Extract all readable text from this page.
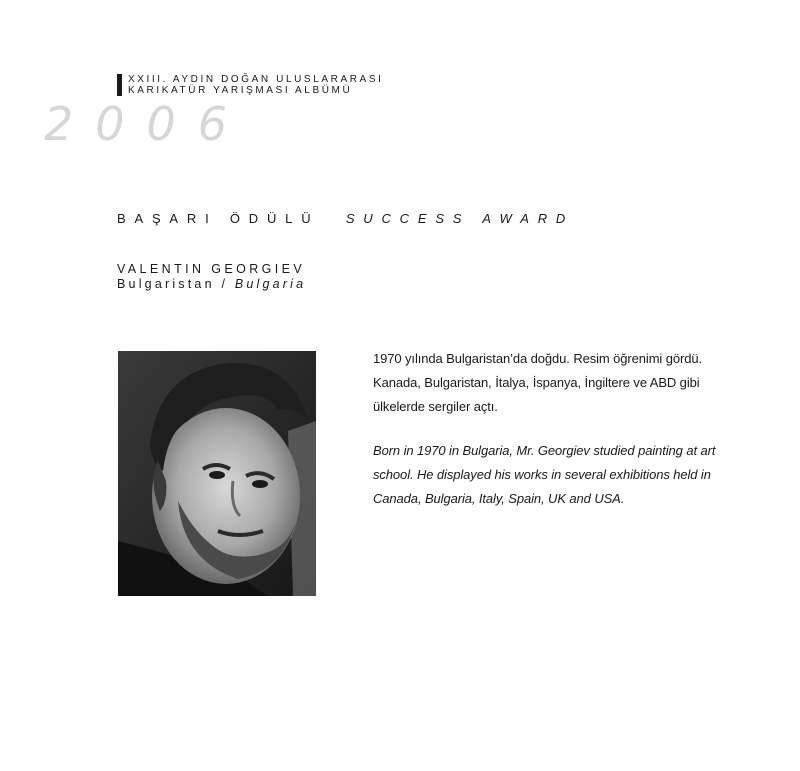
XXIII. AYDIN DOĞAN ULUSLARARASI
KARIKATÜR YARIŞMASI ALBÜMÜ
2006
BAŞARI ÖDÜLÜ SUCCESS AWARD
VALENTIN GEORGIEV
Bulgaristan / Bulgaria

1970 yılında Bulgaristan’da doğdu. Resim öğrenimi gördü. Kanada, Bulgaristan, İtalya, İspanya, İngiltere ve ABD gibi ülkelerde sergiler açtı.

Born in 1970 in Bulgaria, Mr. Georgiev studied painting at art school. He displayed his works in several exhibitions held in Canada, Bulgaria, Italy, Spain, UK and USA.
